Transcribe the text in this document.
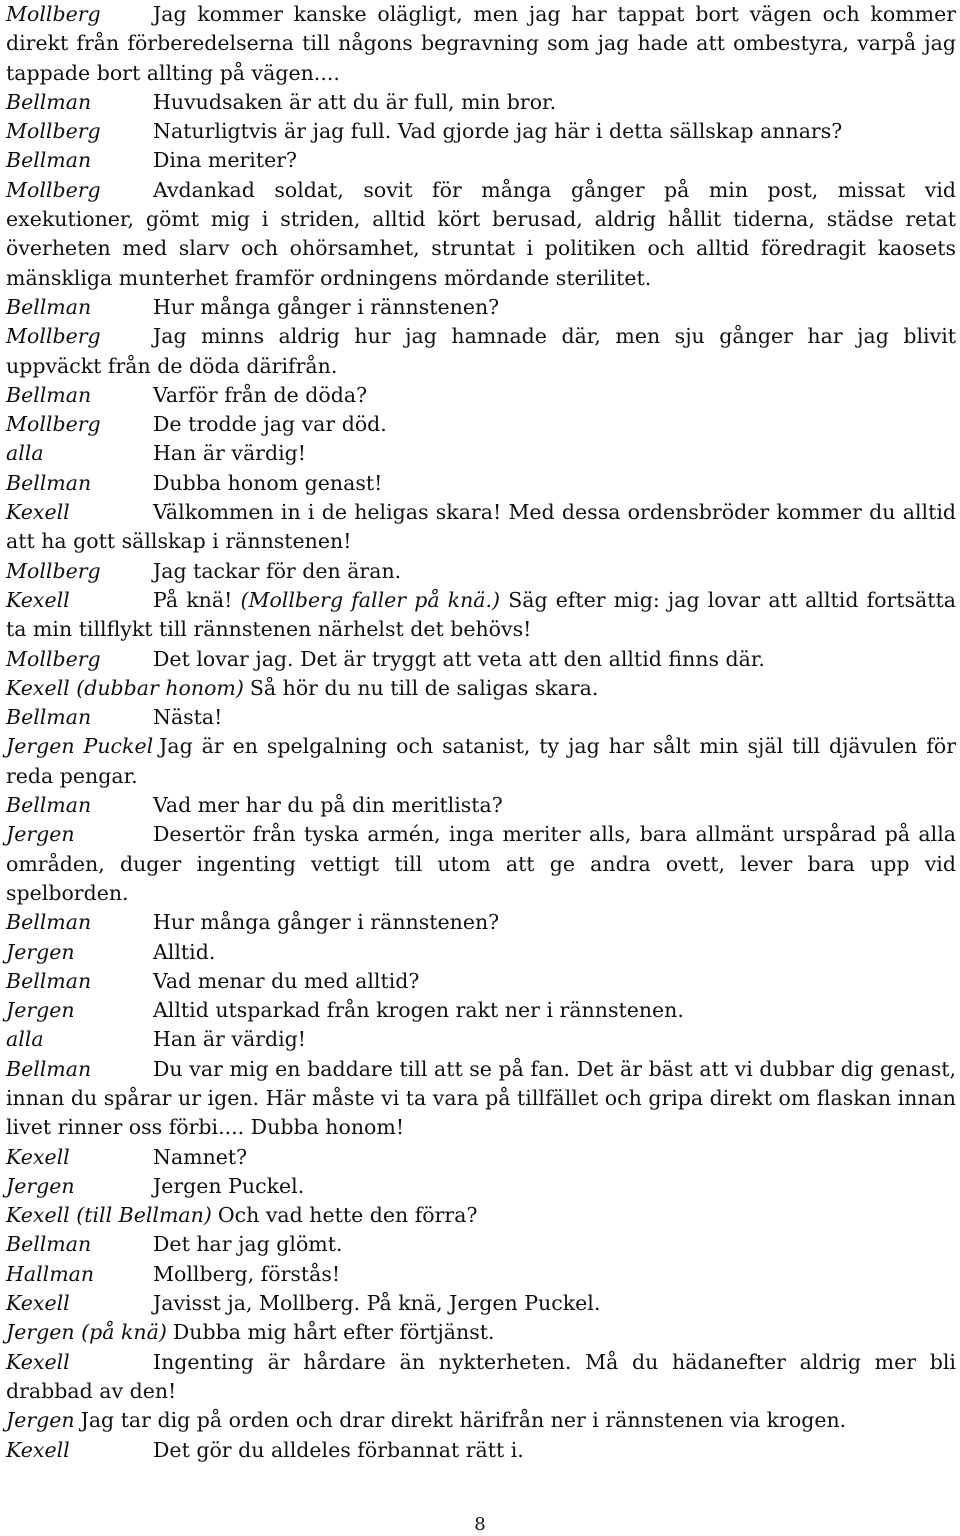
Mollberg	Jag kommer kanske olägligt, men jag har tappat bort vägen och kommer direkt från förberedelserna till någons begravning som jag hade att ombestyra, varpå jag tappade bort allting på vägen....

Bellman	Huvudsaken är att du är full, min bror.

Mollberg	Naturligtvis är jag full. Vad gjorde jag här i detta sällskap annars?

Bellman	Dina meriter?

Mollberg	Avdankad soldat, sovit för många gånger på min post, missat vid exekutioner, gömt mig i striden, alltid kört berusad, aldrig hållit tiderna, städse retat överheten med slarv och ohörsamhet, struntat i politiken och alltid föredragit kaosets mänskliga munterhet framför ordningens mördande sterilitet.

Bellman	Hur många gånger i rännstenen?

Mollberg	Jag minns aldrig hur jag hamnade där, men sju gånger har jag blivit uppväckt från de döda därifrån.

Bellman	Varför från de döda?

Mollberg	De trodde jag var död.

alla	Han är värdig!

Bellman	Dubba honom genast!

Kexell	Välkommen in i de heligas skara! Med dessa ordensbröder kommer du alltid att ha gott sällskap i rännstenen!

Mollberg	Jag tackar för den äran.

Kexell	På knä! (Mollberg faller på knä.) Säg efter mig: jag lovar att alltid fortsätta ta min tillflykt till rännstenen närhelst det behövs!

Mollberg	Det lovar jag. Det är tryggt att veta att den alltid finns där.

Kexell (dubbar honom) Så hör du nu till de saligas skara.

Bellman	Nästa!

Jergen Puckel Jag är en spelgalning och satanist, ty jag har sålt min själ till djävulen för reda pengar.

Bellman	Vad mer har du på din meritlista?

Jergen	Desertör från tyska armén, inga meriter alls, bara allmänt urspårad på alla områden, duger ingenting vettigt till utom att ge andra ovett, lever bara upp vid spelborden.

Bellman	Hur många gånger i rännstenen?

Jergen	Alltid.

Bellman	Vad menar du med alltid?

Jergen	Alltid utsparkad från krogen rakt ner i rännstenen.

alla	Han är värdig!

Bellman	Du var mig en baddare till att se på fan. Det är bäst att vi dubbar dig genast, innan du spårar ur igen. Här måste vi ta vara på tillfället och gripa direkt om flaskan innan livet rinner oss förbi.... Dubba honom!

Kexell	Namnet?

Jergen	Jergen Puckel.

Kexell (till Bellman) Och vad hette den förra?

Bellman	Det har jag glömt.

Hallman	Mollberg, förstås!

Kexell	Javisst ja, Mollberg. På knä, Jergen Puckel.

Jergen (på knä) Dubba mig hårt efter förtjänst.

Kexell	Ingenting är hårdare än nykterheten. Må du hädanefter aldrig mer bli drabbad av den!

Jergen Jag tar dig på orden och drar direkt härifrån ner i rännstenen via krogen.

Kexell	Det gör du alldeles förbannat rätt i.

8
